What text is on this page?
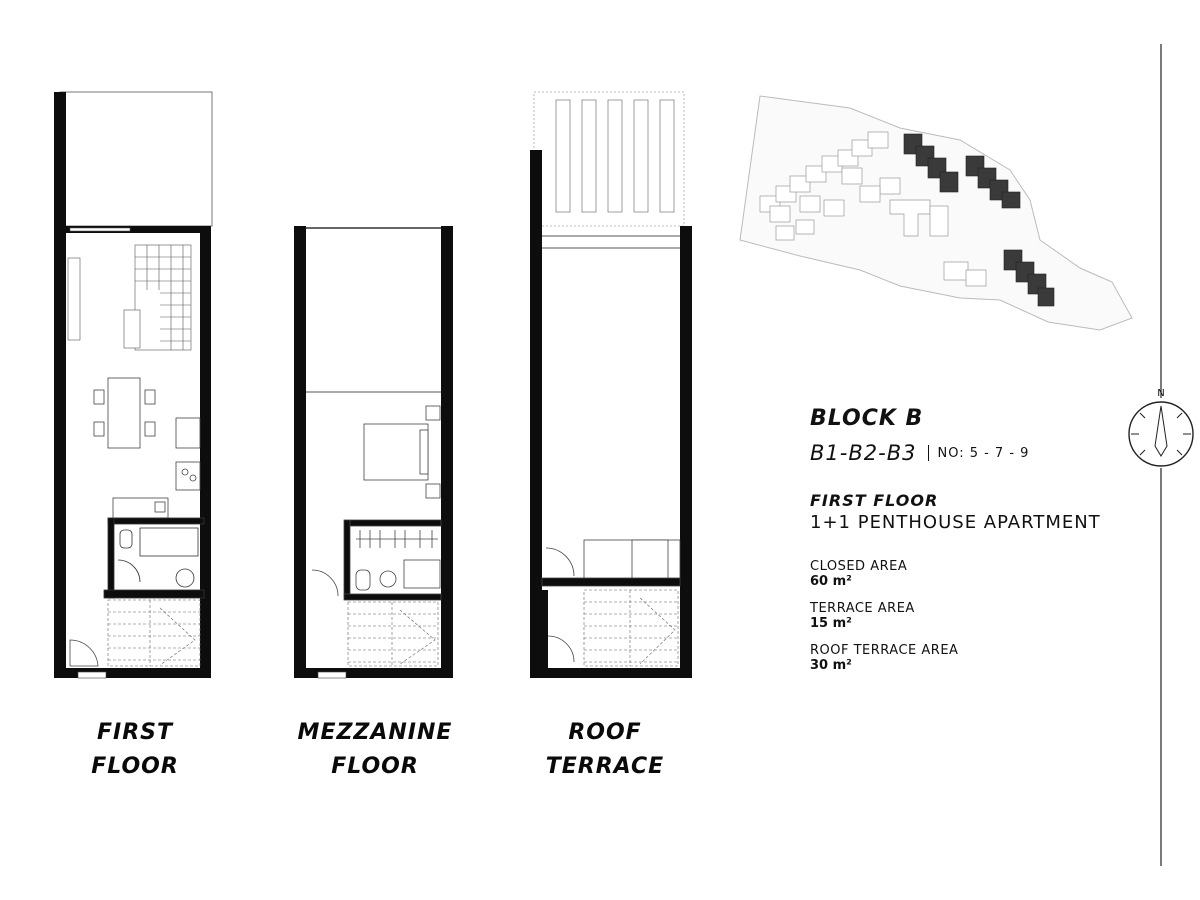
N
FIRST
FLOOR
MEZZANINE
FLOOR
ROOF
TERRACE
BLOCK B
B1-B2-B3 NO: 5 - 7 - 9
FIRST FLOOR
1+1 PENTHOUSE APARTMENT
CLOSED AREA
60 m²
TERRACE AREA
15 m²
ROOF TERRACE AREA
30 m²
